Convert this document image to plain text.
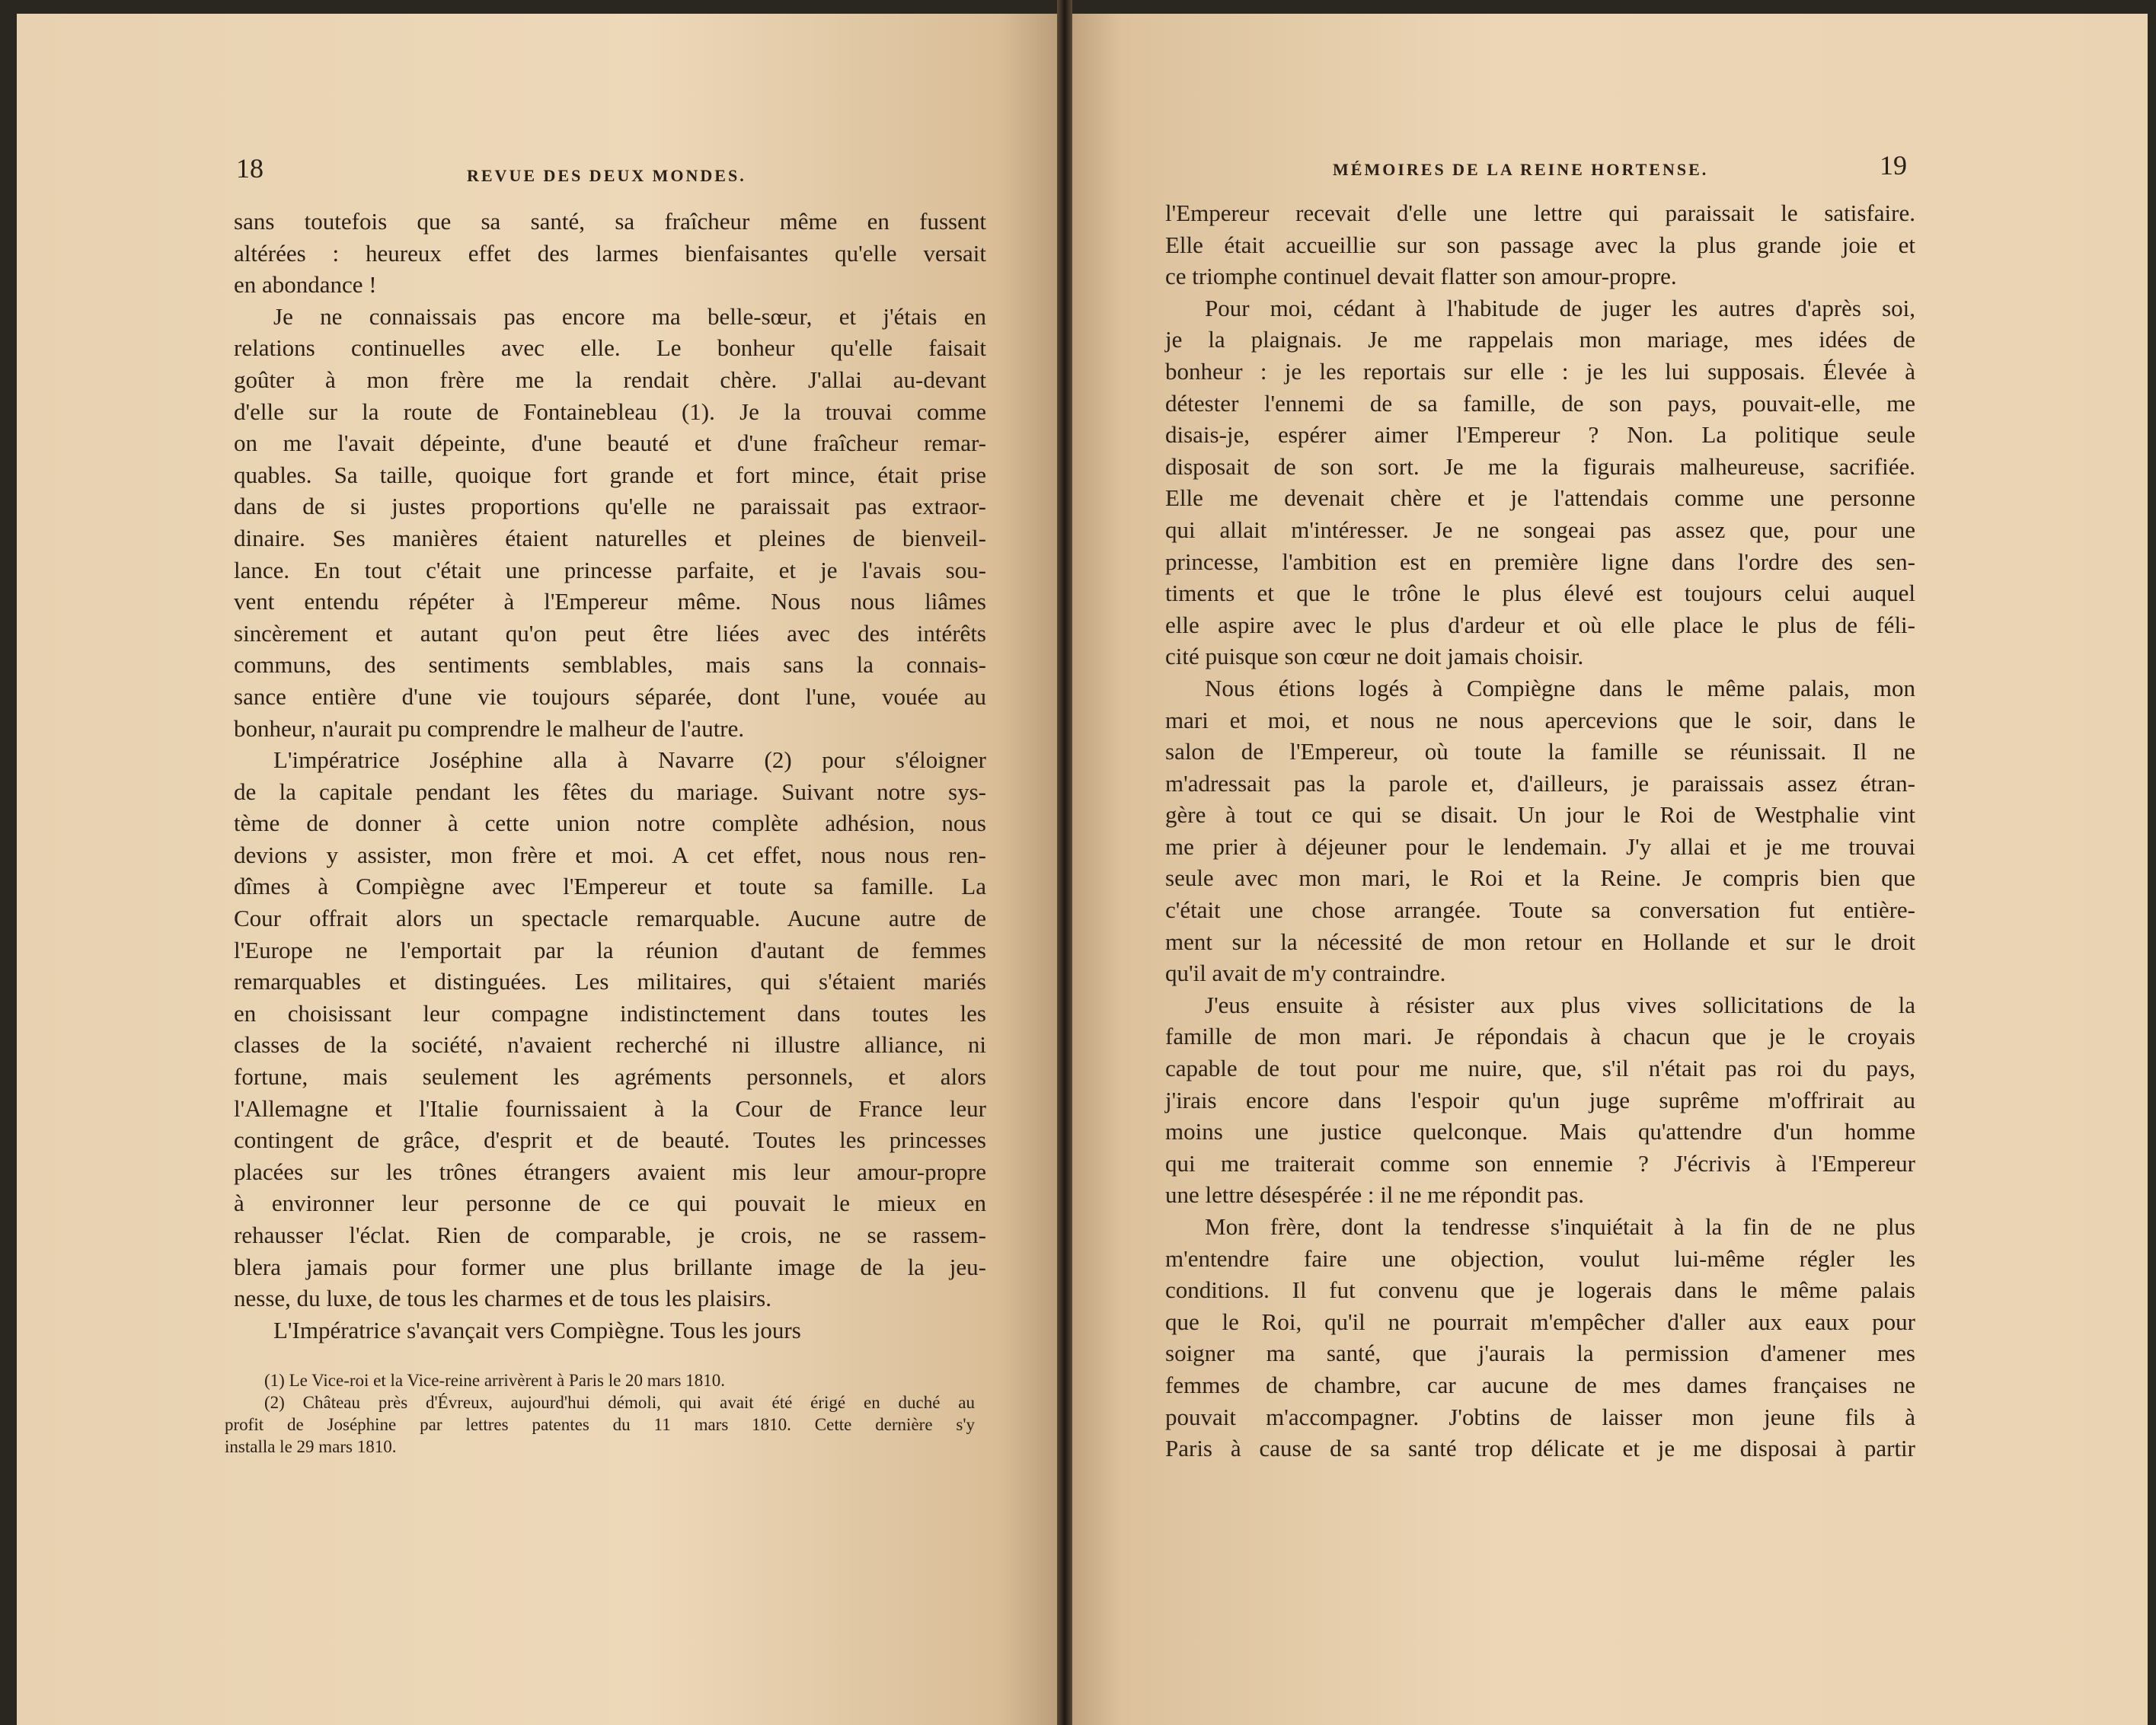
18	REVUE DES DEUX MONDES.
sans toutefois que sa santé, sa fraîcheur même en fussent
altérées : heureux effet des larmes bienfaisantes qu'elle versait
en abondance !
Je ne connaissais pas encore ma belle-sœur, et j'étais en
relations continuelles avec elle. Le bonheur qu'elle faisait
goûter à mon frère me la rendait chère. J'allai au-devant
d'elle sur la route de Fontainebleau (1). Je la trouvai comme
on me l'avait dépeinte, d'une beauté et d'une fraîcheur remar-
quables. Sa taille, quoique fort grande et fort mince, était prise
dans de si justes proportions qu'elle ne paraissait pas extraor-
dinaire. Ses manières étaient naturelles et pleines de bienveil-
lance. En tout c'était une princesse parfaite, et je l'avais sou-
vent entendu répéter à l'Empereur même. Nous nous liâmes
sincèrement et autant qu'on peut être liées avec des intérêts
communs, des sentiments semblables, mais sans la connais-
sance entière d'une vie toujours séparée, dont l'une, vouée au
bonheur, n'aurait pu comprendre le malheur de l'autre.
L'impératrice Joséphine alla à Navarre (2) pour s'éloigner
de la capitale pendant les fêtes du mariage. Suivant notre sys-
tème de donner à cette union notre complète adhésion, nous
devions y assister, mon frère et moi. A cet effet, nous nous ren-
dîmes à Compiègne avec l'Empereur et toute sa famille. La
Cour offrait alors un spectacle remarquable. Aucune autre de
l'Europe ne l'emportait par la réunion d'autant de femmes
remarquables et distinguées. Les militaires, qui s'étaient mariés
en choisissant leur compagne indistinctement dans toutes les
classes de la société, n'avaient recherché ni illustre alliance, ni
fortune, mais seulement les agréments personnels, et alors
l'Allemagne et l'Italie fournissaient à la Cour de France leur
contingent de grâce, d'esprit et de beauté. Toutes les princesses
placées sur les trônes étrangers avaient mis leur amour-propre
à environner leur personne de ce qui pouvait le mieux en
rehausser l'éclat. Rien de comparable, je crois, ne se rassem-
blera jamais pour former une plus brillante image de la jeu-
nesse, du luxe, de tous les charmes et de tous les plaisirs.
L'Impératrice s'avançait vers Compiègne. Tous les jours
(1) Le Vice-roi et la Vice-reine arrivèrent à Paris le 20 mars 1810.
(2) Château près d'Évreux, aujourd'hui démoli, qui avait été érigé en duché au
profit de Joséphine par lettres patentes du 11 mars 1810. Cette dernière s'y
installa le 29 mars 1810.
MÉMOIRES DE LA REINE HORTENSE.	19
l'Empereur recevait d'elle une lettre qui paraissait le satisfaire.
Elle était accueillie sur son passage avec la plus grande joie et
ce triomphe continuel devait flatter son amour-propre.
Pour moi, cédant à l'habitude de juger les autres d'après soi,
je la plaignais. Je me rappelais mon mariage, mes idées de
bonheur : je les reportais sur elle : je les lui supposais. Élevée à
détester l'ennemi de sa famille, de son pays, pouvait-elle, me
disais-je, espérer aimer l'Empereur ? Non. La politique seule
disposait de son sort. Je me la figurais malheureuse, sacrifiée.
Elle me devenait chère et je l'attendais comme une personne
qui allait m'intéresser. Je ne songeai pas assez que, pour une
princesse, l'ambition est en première ligne dans l'ordre des sen-
timents et que le trône le plus élevé est toujours celui auquel
elle aspire avec le plus d'ardeur et où elle place le plus de féli-
cité puisque son cœur ne doit jamais choisir.
Nous étions logés à Compiègne dans le même palais, mon
mari et moi, et nous ne nous apercevions que le soir, dans le
salon de l'Empereur, où toute la famille se réunissait. Il ne
m'adressait pas la parole et, d'ailleurs, je paraissais assez étran-
gère à tout ce qui se disait. Un jour le Roi de Westphalie vint
me prier à déjeuner pour le lendemain. J'y allai et je me trouvai
seule avec mon mari, le Roi et la Reine. Je compris bien que
c'était une chose arrangée. Toute sa conversation fut entière-
ment sur la nécessité de mon retour en Hollande et sur le droit
qu'il avait de m'y contraindre.
J'eus ensuite à résister aux plus vives sollicitations de la
famille de mon mari. Je répondais à chacun que je le croyais
capable de tout pour me nuire, que, s'il n'était pas roi du pays,
j'irais encore dans l'espoir qu'un juge suprême m'offrirait au
moins une justice quelconque. Mais qu'attendre d'un homme
qui me traiterait comme son ennemie ? J'écrivis à l'Empereur
une lettre désespérée : il ne me répondit pas.
Mon frère, dont la tendresse s'inquiétait à la fin de ne plus
m'entendre faire une objection, voulut lui-même régler les
conditions. Il fut convenu que je logerais dans le même palais
que le Roi, qu'il ne pourrait m'empêcher d'aller aux eaux pour
soigner ma santé, que j'aurais la permission d'amener mes
femmes de chambre, car aucune de mes dames françaises ne
pouvait m'accompagner. J'obtins de laisser mon jeune fils à
Paris à cause de sa santé trop délicate et je me disposai à partir
